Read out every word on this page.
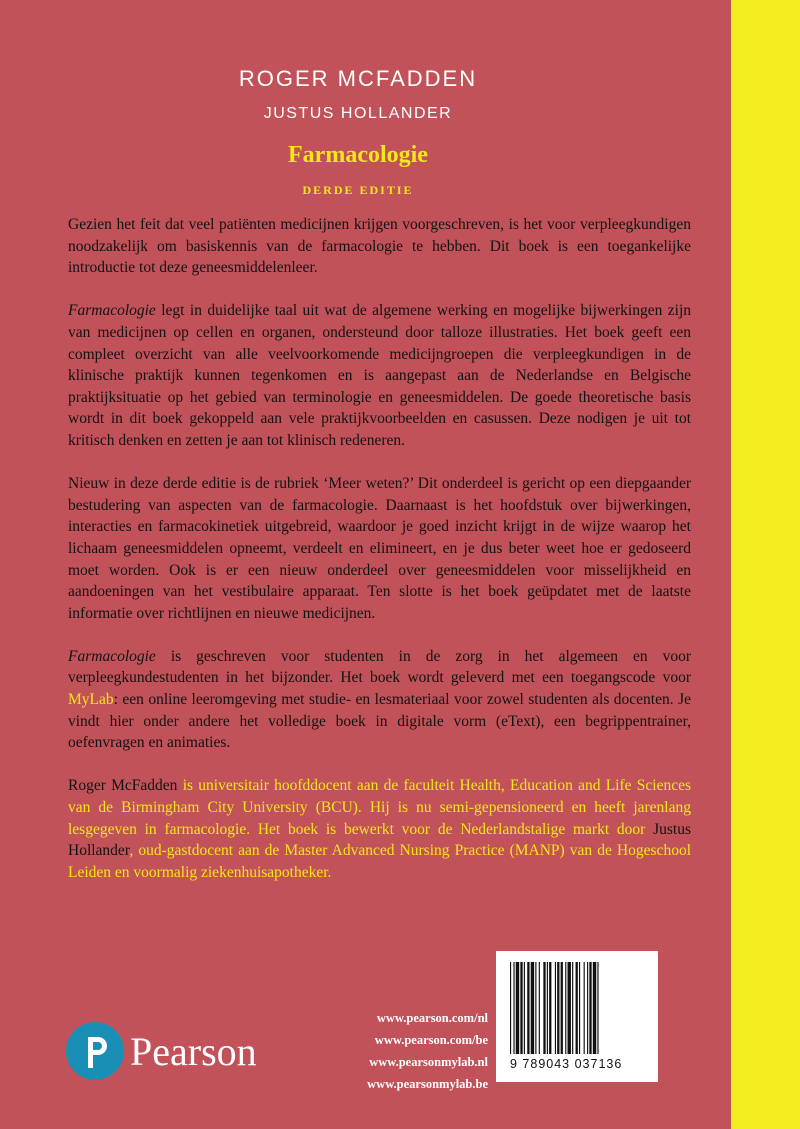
ROGER MCFADDEN
JUSTUS HOLLANDER
Farmacologie
DERDE EDITIE

Gezien het feit dat veel patiënten medicijnen krijgen voorgeschreven, is het voor verpleegkundigen noodzakelijk om basiskennis van de farmacologie te hebben. Dit boek is een toegankelijke introductie tot deze geneesmiddelenleer.

Farmacologie legt in duidelijke taal uit wat de algemene werking en mogelijke bijwerkingen zijn van medicijnen op cellen en organen, ondersteund door talloze illustraties. Het boek geeft een compleet overzicht van alle veelvoorkomende medicijngroepen die verpleegkundigen in de klinische praktijk kunnen tegenkomen en is aangepast aan de Nederlandse en Belgische praktijksituatie op het gebied van terminologie en geneesmiddelen. De goede theoretische basis wordt in dit boek gekoppeld aan vele praktijkvoorbeelden en casussen. Deze nodigen je uit tot kritisch denken en zetten je aan tot klinisch redeneren.

Nieuw in deze derde editie is de rubriek ‘Meer weten?’ Dit onderdeel is gericht op een diepgaander bestudering van aspecten van de farmacologie. Daarnaast is het hoofdstuk over bijwerkingen, interacties en farmacokinetiek uitgebreid, waardoor je goed inzicht krijgt in de wijze waarop het lichaam geneesmiddelen opneemt, verdeelt en elimineert, en je dus beter weet hoe er gedoseerd moet worden. Ook is er een nieuw onderdeel over geneesmiddelen voor misselijkheid en aandoeningen van het vestibulaire apparaat. Ten slotte is het boek geüpdatet met de laatste informatie over richtlijnen en nieuwe medicijnen.

Farmacologie is geschreven voor studenten in de zorg in het algemeen en voor verpleegkundestudenten in het bijzonder. Het boek wordt geleverd met een toegangscode voor MyLab: een online leeromgeving met studie- en lesmateriaal voor zowel studenten als docenten. Je vindt hier onder andere het volledige boek in digitale vorm (eText), een begrippentrainer, oefenvragen en animaties.

Roger McFadden is universitair hoofddocent aan de faculteit Health, Education and Life Sciences van de Birmingham City University (BCU). Hij is nu semi-gepensioneerd en heeft jarenlang lesgegeven in farmacologie. Het boek is bewerkt voor de Nederlandstalige markt door Justus Hollander, oud-gastdocent aan de Master Advanced Nursing Practice (MANP) van de Hogeschool Leiden en voormalig ziekenhuisapotheker.

Pearson
www.pearson.com/nl
www.pearson.com/be
www.pearsonmylab.nl
www.pearsonmylab.be
9 789043 037136
